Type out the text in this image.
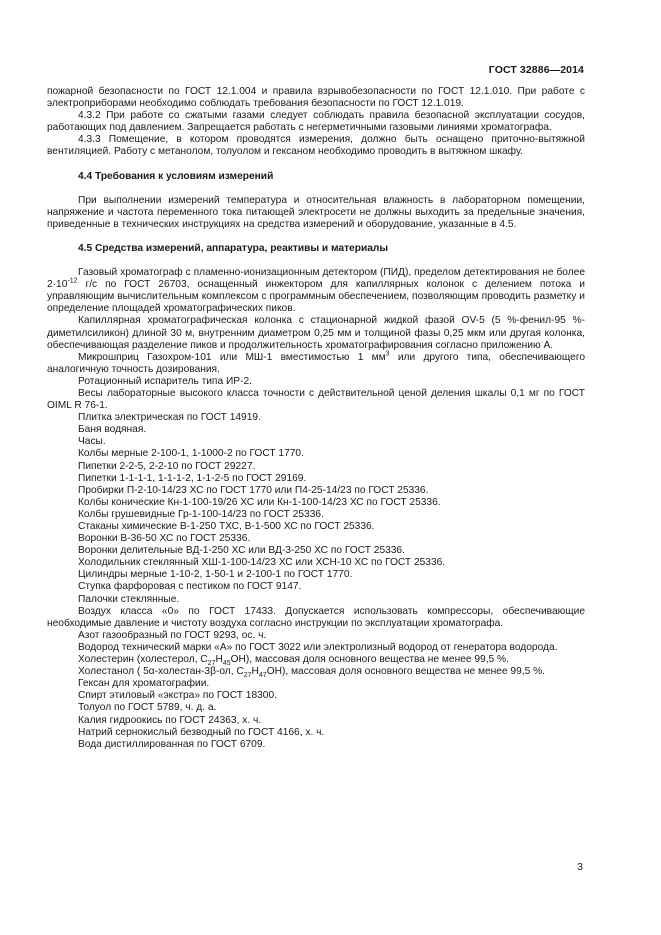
ГОСТ 32886—2014

пожарной безопасности по ГОСТ 12.1.004 и правила взрывобезопасности по ГОСТ 12.1.010. При работе с электроприборами необходимо соблюдать требования безопасности по ГОСТ 12.1.019.

4.3.2 При работе со сжатыми газами следует соблюдать правила безопасной эксплуатации сосудов, работающих под давлением. Запрещается работать с негерметичными газовыми линиями хроматографа.

4.3.3 Помещение, в котором проводятся измерения, должно быть оснащено приточно-вытяжной вентиляцией. Работу с метанолом, толуолом и гексаном необходимо проводить в вытяжном шкафу.

4.4 Требования к условиям измерений

При выполнении измерений температура и относительная влажность в лабораторном помещении, напряжение и частота переменного тока питающей электросети не должны выходить за предельные значения, приведенные в технических инструкциях на средства измерений и оборудование, указанные в 4.5.

4.5 Средства измерений, аппаратура, реактивы и материалы

Газовый хроматограф с пламенно-ионизационным детектором (ПИД), пределом детектирования не более $2\cdot 10^{-12}$ г/с по ГОСТ 26703, оснащенный инжектором для капиллярных колонок с делением потока и управляющим вычислительным комплексом с программным обеспечением, позволяющим проводить разметку и определение площадей хроматографических пиков.

Капиллярная хроматографическая колонка с стационарной жидкой фазой OV-5 (5 %-фенил-95 %-диметилсиликон) длиной 30 м, внутренним диаметром 0,25 мм и толщиной фазы 0,25 мкм или другая колонка, обеспечивающая разделение пиков и продолжительность хроматографирования согласно приложению А.

Микрошприц Газохром-101 или МШ-1 вместимостью 1 $мм^3$ или другого типа, обеспечивающего аналогичную точность дозирования.

Ротационный испаритель типа ИР-2.

Весы лабораторные высокого класса точности с действительной ценой деления шкалы 0,1 мг по ГОСТ OIML R 76-1.

Плитка электрическая по ГОСТ 14919.

Баня водяная.

Часы.

Колбы мерные 2-100-1, 1-1000-2 по ГОСТ 1770.

Пипетки 2-2-5, 2-2-10 по ГОСТ 29227.

Пипетки 1-1-1-1, 1-1-1-2, 1-1-2-5 по ГОСТ 29169.

Пробирки П-2-10-14/23 ХС по ГОСТ 1770 или П4-25-14/23 по ГОСТ 25336.

Колбы конические Кн-1-100-19/26 ХС или Кн-1-100-14/23 ХС по ГОСТ 25336.

Колбы грушевидные Гр-1-100-14/23 по ГОСТ 25336.

Стаканы химические В-1-250 ТХС, В-1-500 ХС по ГОСТ 25336.

Воронки В-36-50 ХС по ГОСТ 25336.

Воронки делительные ВД-1-250 ХС или ВД-3-250 ХС по ГОСТ 25336.

Холодильник стеклянный ХШ-1-100-14/23 ХС или ХСН-10 ХС по ГОСТ 25336.

Цилиндры мерные 1-10-2, 1-50-1 и 2-100-1 по ГОСТ 1770.

Ступка фарфоровая с пестиком по ГОСТ 9147.

Палочки стеклянные.

Воздух класса «0» по ГОСТ 17433. Допускается использовать компрессоры, обеспечивающие необходимые давление и чистоту воздуха согласно инструкции по эксплуатации хроматографа.

Азот газообразный по ГОСТ 9293, ос. ч.

Водород технический марки «А» по ГОСТ 3022 или электролизный водород от генератора водорода.

Холестерин (холестерол, $C_{27}H_{45}OH$), массовая доля основного вещества не менее 99,5 %.

Холестанол ( 5α-холестан-3β-ол, $C_{27}H_{47}OH$), массовая доля основного вещества не менее 99,5 %.

Гексан для хроматографии.

Спирт этиловый «экстра» по ГОСТ 18300.

Толуол по ГОСТ 5789, ч. д. а.

Калия гидроокись по ГОСТ 24363, х. ч.

Натрий сернокислый безводный по ГОСТ 4166, х. ч.

Вода дистиллированная по ГОСТ 6709.

3
